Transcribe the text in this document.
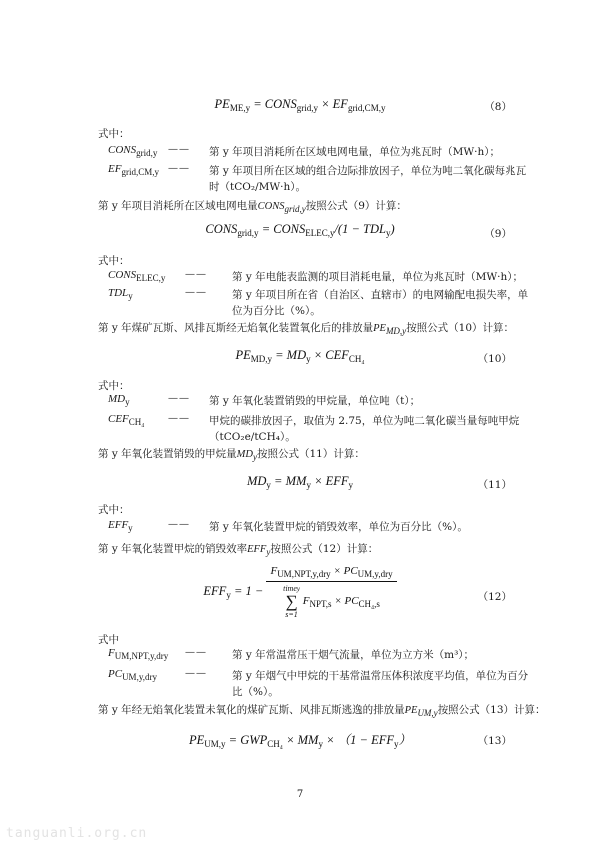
$PE_{ME,y}$ = $CONS_{grid,y} \times EF_{grid,CM,y}$	（8）
式中：
$CONS_{grid,y}$ —— 第 y 年项目消耗所在区域电网电量，单位为兆瓦时（MW·h）；
$EF_{grid,CM,y}$ —— 第 y 年项目所在区域的组合边际排放因子，单位为吨二氧化碳每兆瓦时（tCO₂/MW·h）。
第 y 年项目消耗所在区域电网电量CONSgrid,y按照公式（9）计算：
$CONS_{grid,y}$ = $CONS_{ELEC,y}/(1 - TDL_y)$	（9）
式中：
$CONS_{ELEC,y}$ —— 第 y 年电能表监测的项目消耗电量，单位为兆瓦时（MW·h）；
$TDL_y$	—— 第 y 年项目所在省（自治区、直辖市）的电网输配电损失率，单位为百分比（%）。
第 y 年煤矿瓦斯、风排瓦斯经无焰氧化装置氧化后的排放量PEMD,y按照公式（10）计算：
$PE_{MD,y} = MD_y \times CEF_{CH_4}$	（10）
式中：
$MD_y$	—— 第 y 年氧化装置销毁的甲烷量，单位吨（t）；
$CEF_{CH_4}$ —— 甲烷的碳排放因子，取值为 2.75，单位为吨二氧化碳当量每吨甲烷（tCO₂e/tCH₄）。
第 y 年氧化装置销毁的甲烷量MDy按照公式（11）计算：
$MD_y = MM_y \times EFF_y$	（11）
式中：
$EFF_y$	—— 第 y 年氧化装置甲烷的销毁效率，单位为百分比（%）。
第 y 年氧化装置甲烷的销毁效率EFFy按照公式（12）计算：
$EFF_y = 1 - F_{UM,NPT,y,dry} \times PC_{UM,y,dry}$
timey
∑
s=1
$F_{NPT,s} \times PC_{CH_4,s}$	（12）
式中
$F_{UM,NPT,y,dry}$ —— 第 y 年常温常压干烟气流量，单位为立方米（m³）；
$PC_{UM,y,dry}$	—— 第 y 年烟气中甲烷的干基常温常压体积浓度平均值，单位为百分比（%）。
第 y 年经无焰氧化装置未氧化的煤矿瓦斯、风排瓦斯逃逸的排放量PEUM,y按照公式（13）计算：
$PE_{UM,y} = GWP_{CH_4} \times MM_y \times (1 - EFF_y)$	（13）
7
tanguanli.org.cn
